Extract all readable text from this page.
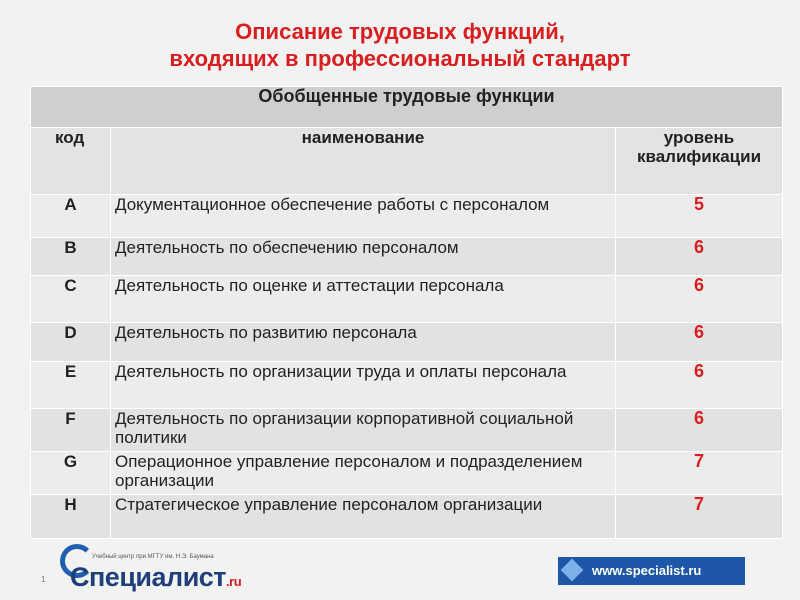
Описание трудовых функций,
входящих в профессиональный стандарт
Обобщенные трудовые функции		
код	наименование	уровень
квалификации

A	Документационное обеспечение работы с персоналом	5
B	Деятельность по обеспечению персоналом	6
C	Деятельность по оценке и аттестации персонала	6
D	Деятельность по развитию персонала	6
E	Деятельность по организации труда и оплаты персонала	6
F	Деятельность по организации корпоративной социальной политики	6
G	Операционное управление персоналом и подразделением организации	7
H	Стратегическое управление персоналом организации	7
Учебный центр при МГТУ им. Н.Э. Баумана
Специалист.ru
1
www.specialist.ru
